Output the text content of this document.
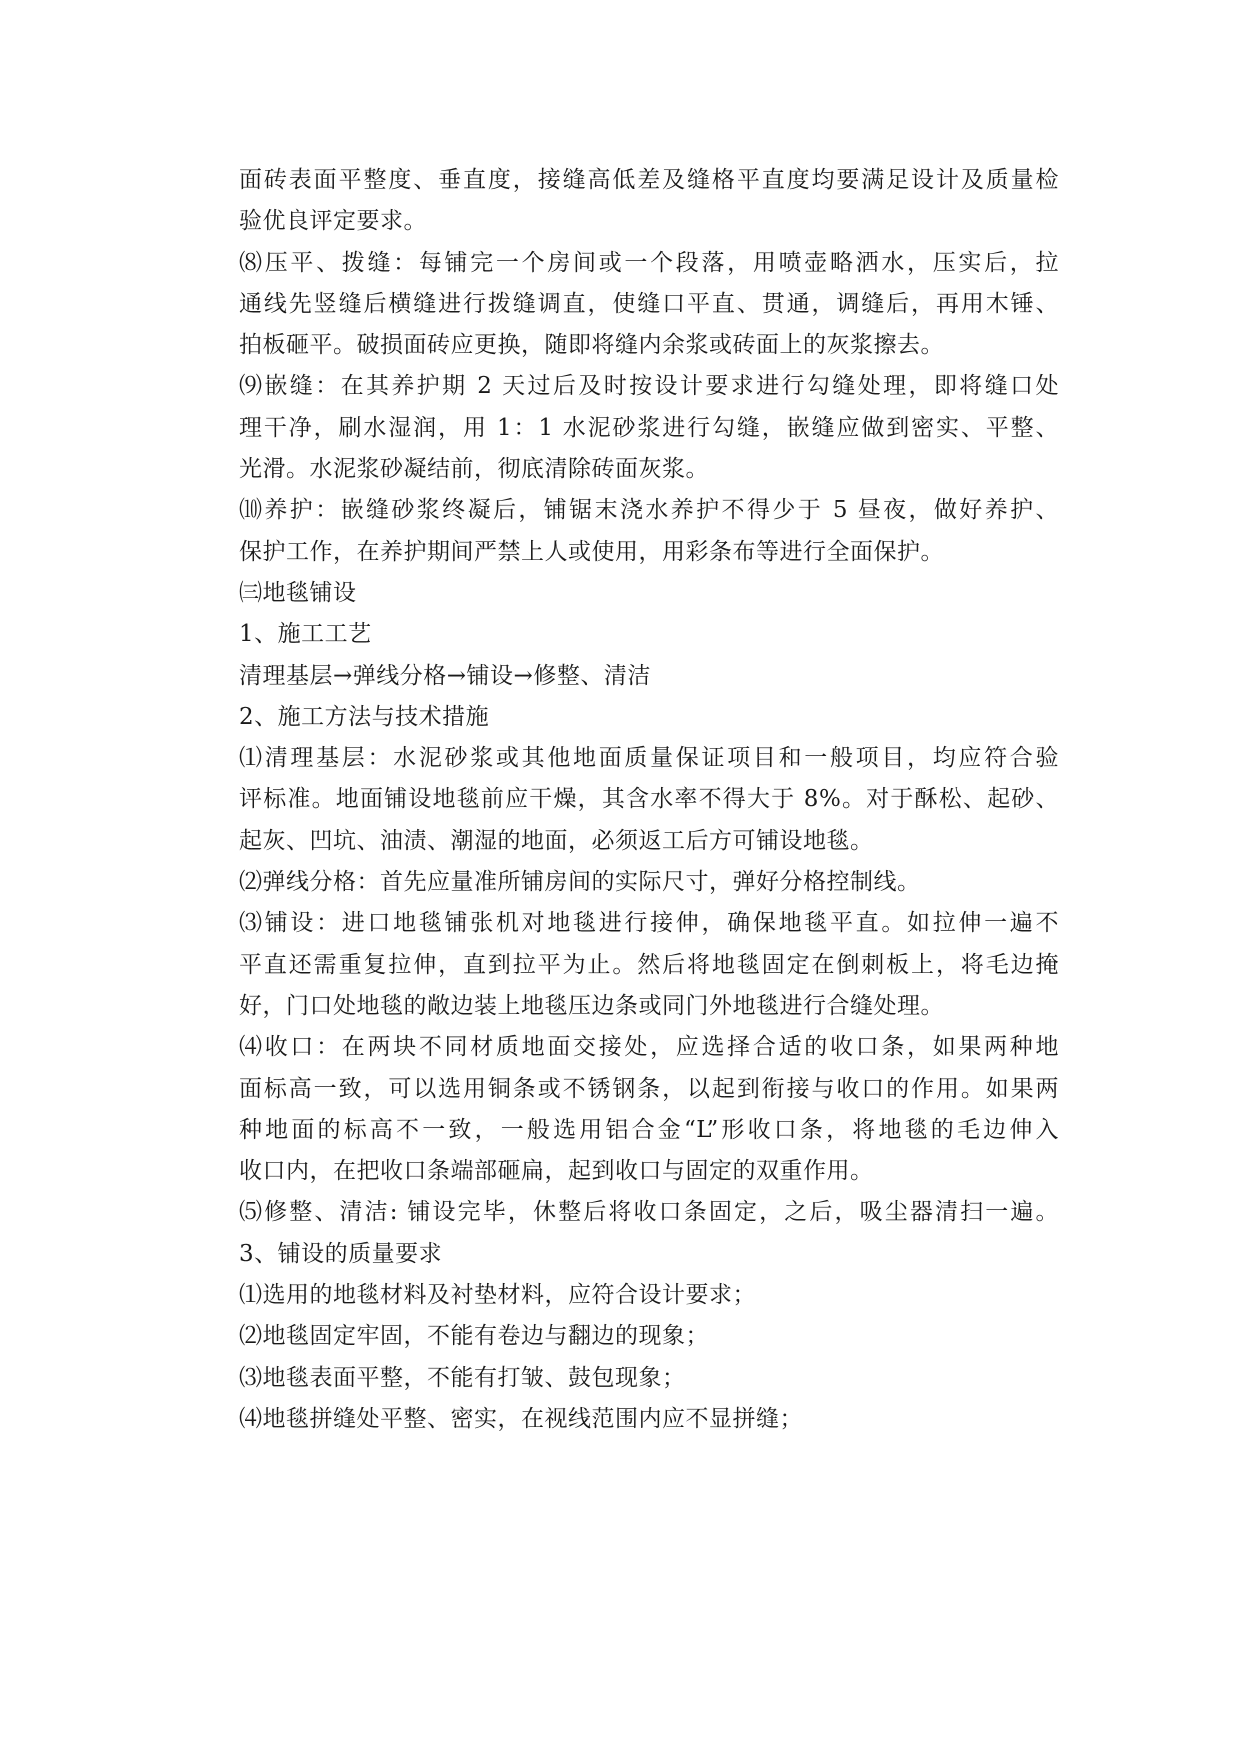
面砖表面平整度、垂直度，接缝高低差及缝格平直度均要满足设计及质量检

验优良评定要求。

⑻压平、拨缝：每铺完一个房间或一个段落，用喷壶略洒水，压实后，拉

通线先竖缝后横缝进行拨缝调直，使缝口平直、贯通，调缝后，再用木锤、

拍板砸平。破损面砖应更换，随即将缝内余浆或砖面上的灰浆擦去。

⑼嵌缝：在其养护期 2 天过后及时按设计要求进行勾缝处理，即将缝口处

理干净，刷水湿润，用 1：1 水泥砂浆进行勾缝，嵌缝应做到密实、平整、

光滑。水泥浆砂凝结前，彻底清除砖面灰浆。

⑽养护：嵌缝砂浆终凝后，铺锯末浇水养护不得少于 5 昼夜，做好养护、

保护工作，在养护期间严禁上人或使用，用彩条布等进行全面保护。

㈢地毯铺设

1、施工工艺

清理基层→弹线分格→铺设→修整、清洁

2、施工方法与技术措施

⑴清理基层：水泥砂浆或其他地面质量保证项目和一般项目，均应符合验

评标准。地面铺设地毯前应干燥，其含水率不得大于 8%。对于酥松、起砂、

起灰、凹坑、油渍、潮湿的地面，必须返工后方可铺设地毯。

⑵弹线分格：首先应量准所铺房间的实际尺寸，弹好分格控制线。

⑶铺设：进口地毯铺张机对地毯进行接伸，确保地毯平直。如拉伸一遍不

平直还需重复拉伸，直到拉平为止。然后将地毯固定在倒刺板上，将毛边掩

好，门口处地毯的敞边装上地毯压边条或同门外地毯进行合缝处理。

⑷收口：在两块不同材质地面交接处，应选择合适的收口条，如果两种地

面标高一致，可以选用铜条或不锈钢条，以起到衔接与收口的作用。如果两

种地面的标高不一致，一般选用铝合金“L”形收口条，将地毯的毛边伸入

收口内，在把收口条端部砸扁，起到收口与固定的双重作用。

⑸修整、清洁: 铺设完毕，休整后将收口条固定，之后，吸尘器清扫一遍。

3、铺设的质量要求

⑴选用的地毯材料及衬垫材料，应符合设计要求；

⑵地毯固定牢固，不能有卷边与翻边的现象；

⑶地毯表面平整，不能有打皱、鼓包现象；

⑷地毯拼缝处平整、密实，在视线范围内应不显拼缝；
